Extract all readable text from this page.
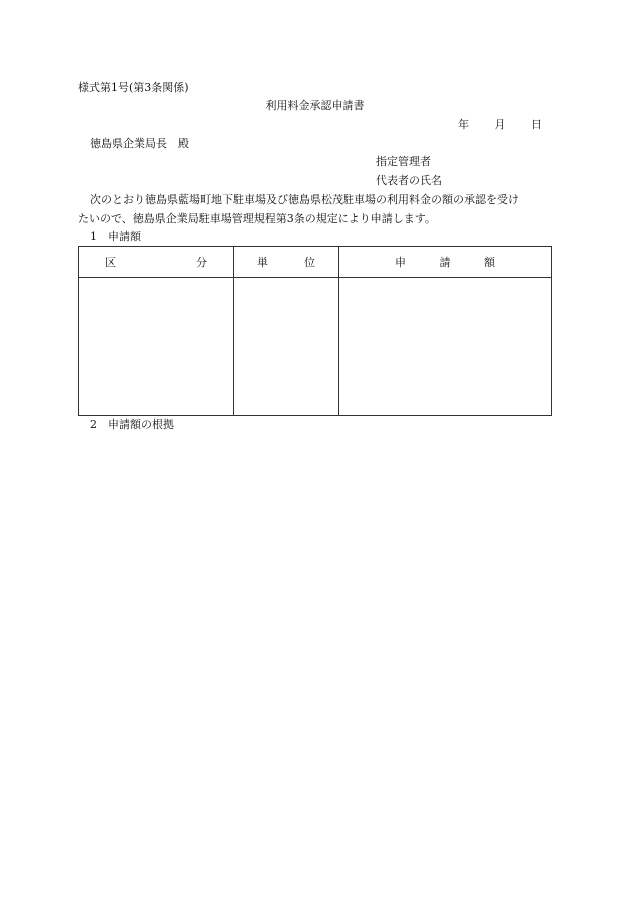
様式第1号(第3条関係)
利用料金承認申請書
年 月 日
徳島県企業局長　殿
指定管理者
代表者の氏名
次のとおり徳島県藍場町地下駐車場及び徳島県松茂駐車場の利用料金の額の承認を受け
たいので、徳島県企業局駐車場管理規程第3条の規定により申請します。
1 申請額
区 分	単 位	申 請 額

2 申請額の根拠
